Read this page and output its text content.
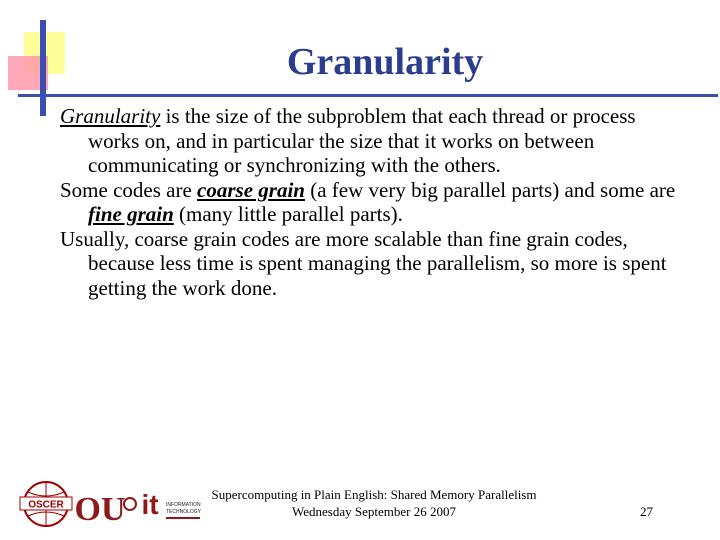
Granularity

Granularity is the size of the subproblem that each thread or process works on, and in particular the size that it works on between communicating or synchronizing with the others.

Some codes are coarse grain (a few very big parallel parts) and some are fine grain (many little parallel parts).

Usually, coarse grain codes are more scalable than fine grain codes, because less time is spent managing the parallelism, so more is spent getting the work done.

OSCER OU it INFORMATION
TECHNOLOGY
Supercomputing in Plain English: Shared Memory Parallelism
Wednesday September 26 2007	27
